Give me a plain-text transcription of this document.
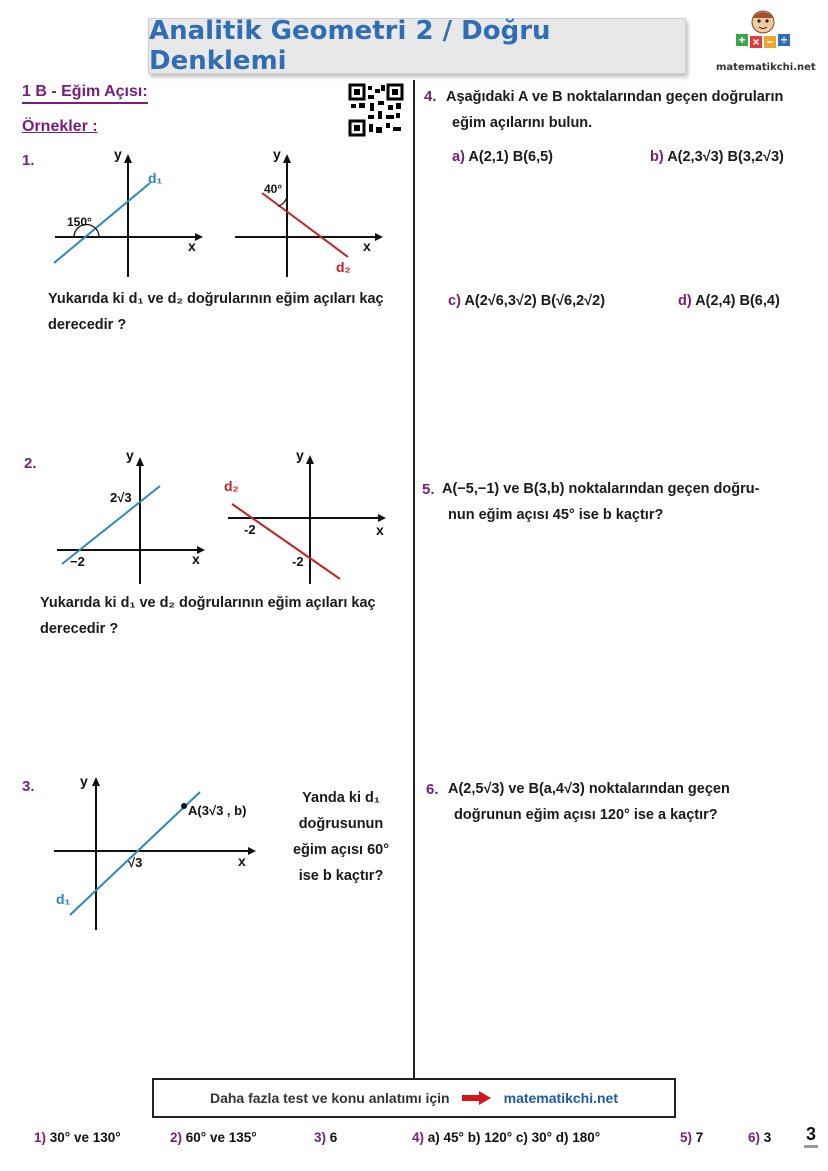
Analitik Geometri 2 / Doğru Denklemi
+ × − ÷
matematikchi.net
1 B - Eğim Açısı:
Örnekler :
1.
150°
y
x
d₁
40°
y
x
d₂
Yukarıda ki d₁ ve d₂ doğrularının eğim açıları kaç
derecedir ?
2.
2√3
−2
y
x
d₂
-2
-2
y
x
Yukarıda ki d₁ ve d₂ doğrularının eğim açıları kaç
derecedir ?
3.
A(3√3 , b)
√3
y
x
d₁
Yanda ki d₁
doğrusunun
eğim açısı 60°
ise b kaçtır?
4. Aşağıdaki A ve B noktalarından geçen doğruların
eğim açılarını bulun.
a) A(2,1) B(6,5)	b) A(2,3√3) B(3,2√3)
c) A(2√6,3√2) B(√6,2√2)	d) A(2,4) B(6,4)
5. A(−5,−1) ve B(3,b) noktalarından geçen doğru-
nun eğim açısı 45° ise b kaçtır?
6. A(2,5√3) ve B(a,4√3) noktalarından geçen
doğrunun eğim açısı 120° ise a kaçtır?
Daha fazla test ve konu anlatımı için	matematikchi.net
1) 30° ve 130°	2) 60° ve 135°	3) 6	4) a) 45° b) 120° c) 30° d) 180°	5) 7	6) 3 3
